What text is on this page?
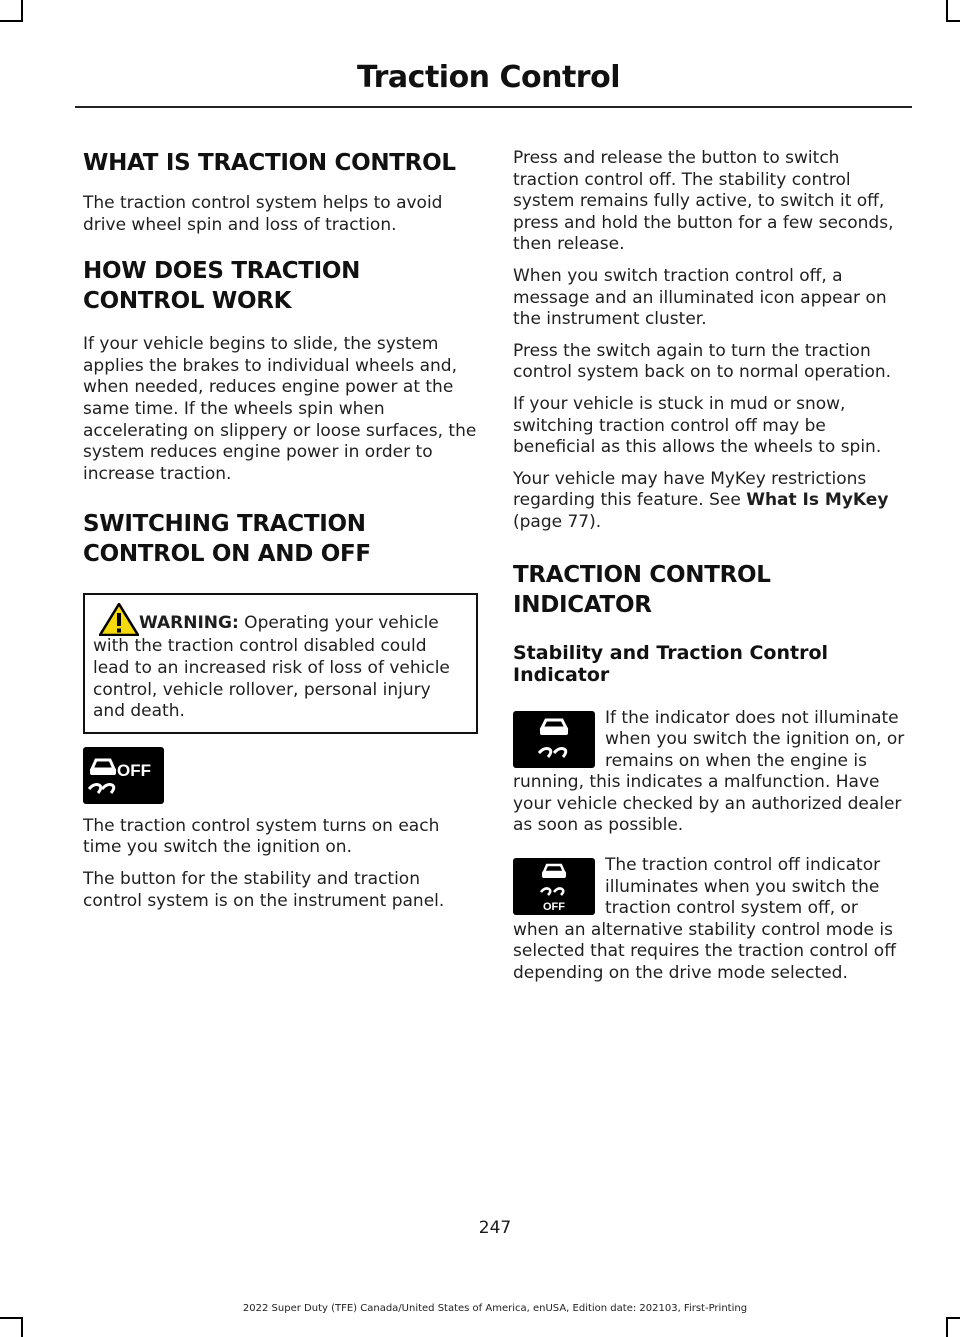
Traction Control
WHAT IS TRACTION CONTROL

The traction control system helps to avoid drive wheel spin and loss of traction.

HOW DOES TRACTION
CONTROL WORK

If your vehicle begins to slide, the system applies the brakes to individual wheels and, when needed, reduces engine power at the same time. If the wheels spin when accelerating on slippery or loose surfaces, the system reduces engine power in order to increase traction.

SWITCHING TRACTION
CONTROL ON AND OFF

WARNING: Operating your vehicle with the traction control disabled could lead to an increased risk of loss of vehicle control, vehicle rollover, personal injury and death.

OFF

The traction control system turns on each time you switch the ignition on.

The button for the stability and traction control system is on the instrument panel.

Press and release the button to switch traction control off. The stability control system remains fully active, to switch it off, press and hold the button for a few seconds, then release.

When you switch traction control off, a message and an illuminated icon appear on the instrument cluster.

Press the switch again to turn the traction control system back on to normal operation.

If your vehicle is stuck in mud or snow, switching traction control off may be beneficial as this allows the wheels to spin.

Your vehicle may have MyKey restrictions regarding this feature. See What Is MyKey (page 77).

TRACTION CONTROL
INDICATOR
Stability and Traction Control Indicator

If the indicator does not illuminate when you switch the ignition on, or remains on when the engine is running, this indicates a malfunction. Have your vehicle checked by an authorized dealer as soon as possible.

OFF
The traction control off indicator illuminates when you switch the traction control system off, or when an alternative stability control mode is selected that requires the traction control off depending on the drive mode selected.

247
2022 Super Duty (TFE) Canada/United States of America, enUSA, Edition date: 202103, First-Printing
